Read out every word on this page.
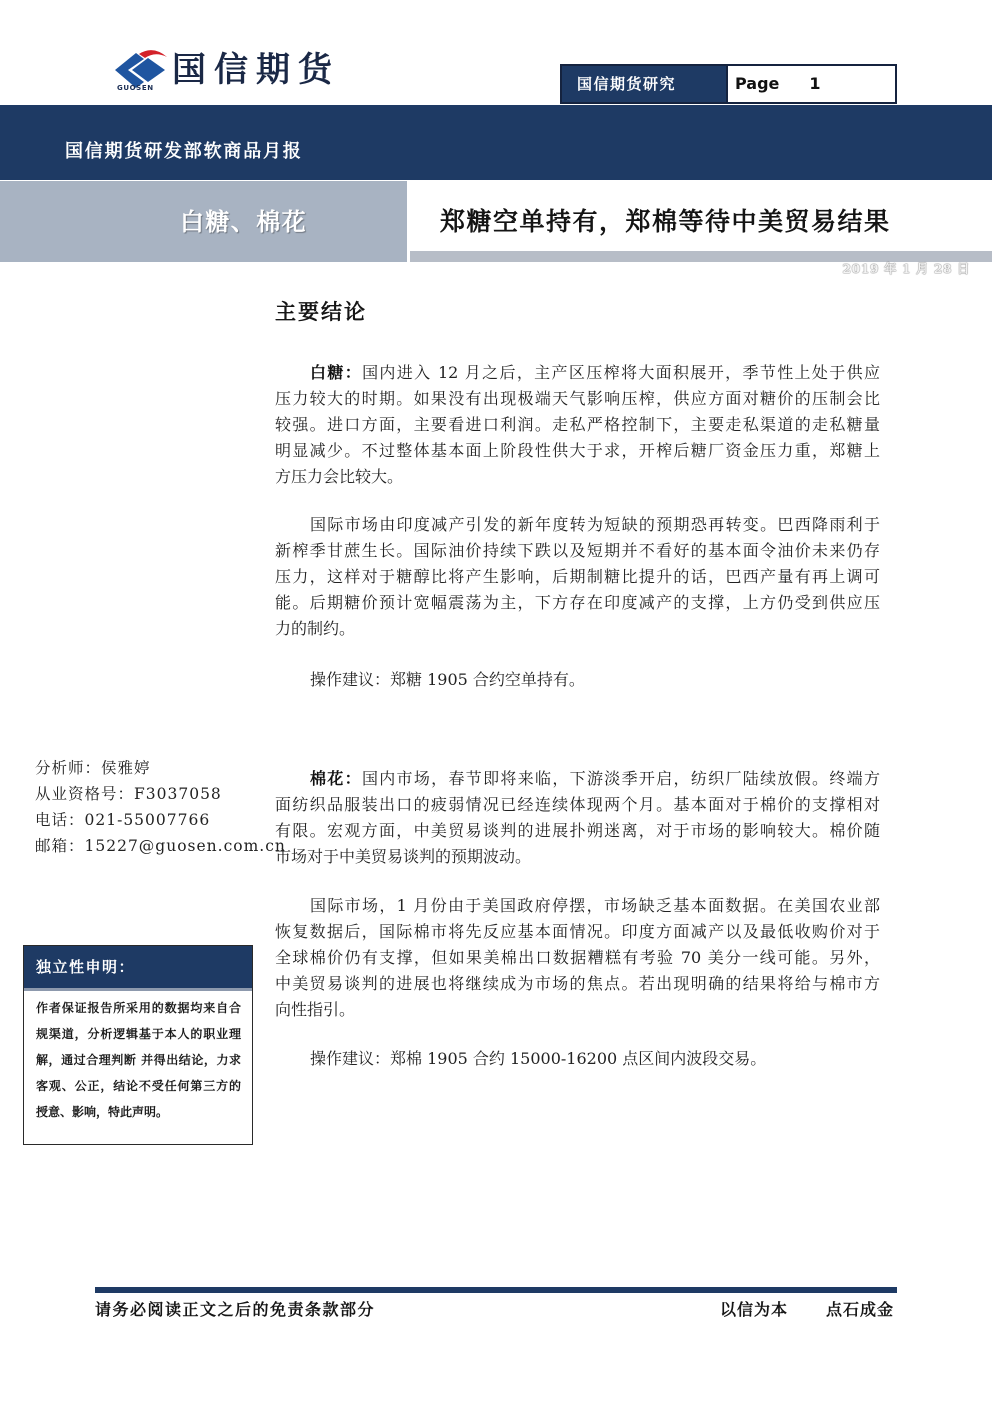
GUOSEN 国信期货	国信期货研究	Page 1
国信期货研发部软商品月报
白糖、棉花	郑糖空单持有，郑棉等待中美贸易结果
2019 年 1 月 28 日
主要结论
白糖：国内进入 12 月之后，主产区压榨将大面积展开，季节性上处于供应
压力较大的时期。如果没有出现极端天气影响压榨，供应方面对糖价的压制会比
较强。进口方面，主要看进口利润。走私严格控制下，主要走私渠道的走私糖量
明显减少。不过整体基本面上阶段性供大于求，开榨后糖厂资金压力重，郑糖上
方压力会比较大。
国际市场由印度减产引发的新年度转为短缺的预期恐再转变。巴西降雨利于
新榨季甘蔗生长。国际油价持续下跌以及短期并不看好的基本面令油价未来仍存
压力，这样对于糖醇比将产生影响，后期制糖比提升的话，巴西产量有再上调可
能。后期糖价预计宽幅震荡为主，下方存在印度减产的支撑，上方仍受到供应压
力的制约。
操作建议：郑糖 1905 合约空单持有。
棉花：国内市场，春节即将来临，下游淡季开启，纺织厂陆续放假。终端方
面纺织品服装出口的疲弱情况已经连续体现两个月。基本面对于棉价的支撑相对
有限。宏观方面，中美贸易谈判的进展扑朔迷离，对于市场的影响较大。棉价随
市场对于中美贸易谈判的预期波动。
国际市场，1 月份由于美国政府停摆，市场缺乏基本面数据。在美国农业部
恢复数据后，国际棉市将先反应基本面情况。印度方面减产以及最低收购价对于
全球棉价仍有支撑，但如果美棉出口数据糟糕有考验 70 美分一线可能。另外，
中美贸易谈判的进展也将继续成为市场的焦点。若出现明确的结果将给与棉市方
向性指引。
操作建议：郑棉 1905 合约 15000-16200 点区间内波段交易。
分析师：侯雅婷
从业资格号：F3037058
电话：021-55007766
邮箱：15227@guosen.com.cn
独立性申明：
作者保证报告所采用的数据均来自合
规渠道，分析逻辑基于本人的职业理
解，通过合理判断 并得出结论，力求
客观、公正，结论不受任何第三方的
授意、影响，特此声明。
请务必阅读正文之后的免责条款部分	以信为本 点石成金
